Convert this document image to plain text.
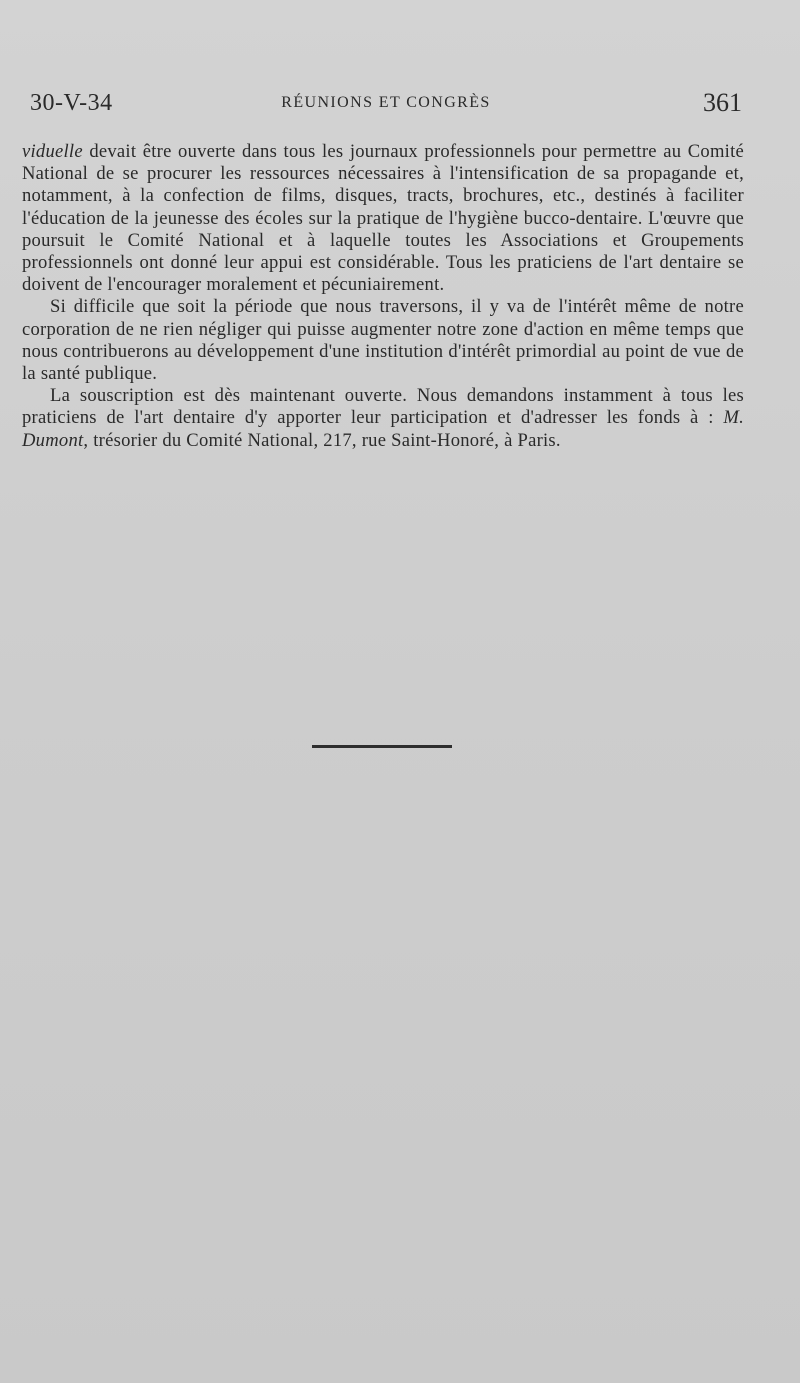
30-V-34	RÉUNIONS ET CONGRÈS	361

viduelle devait être ouverte dans tous les journaux professionnels pour permettre au Comité National de se procurer les ressources nécessaires à l'intensification de sa propagande et, notamment, à la confection de films, disques, tracts, brochures, etc., destinés à faciliter l'éducation de la jeunesse des écoles sur la pratique de l'hygiène bucco-dentaire. L'œuvre que poursuit le Comité National et à laquelle toutes les Associations et Groupements professionnels ont donné leur appui est considérable. Tous les praticiens de l'art dentaire se doivent de l'encourager moralement et pécuniairement.

Si difficile que soit la période que nous traversons, il y va de l'intérêt même de notre corporation de ne rien négliger qui puisse augmenter notre zone d'action en même temps que nous contribuerons au développement d'une institution d'intérêt primordial au point de vue de la santé publique.

La souscription est dès maintenant ouverte. Nous demandons instamment à tous les praticiens de l'art dentaire d'y apporter leur participation et d'adresser les fonds à : M. Dumont, trésorier du Comité National, 217, rue Saint-Honoré, à Paris.
